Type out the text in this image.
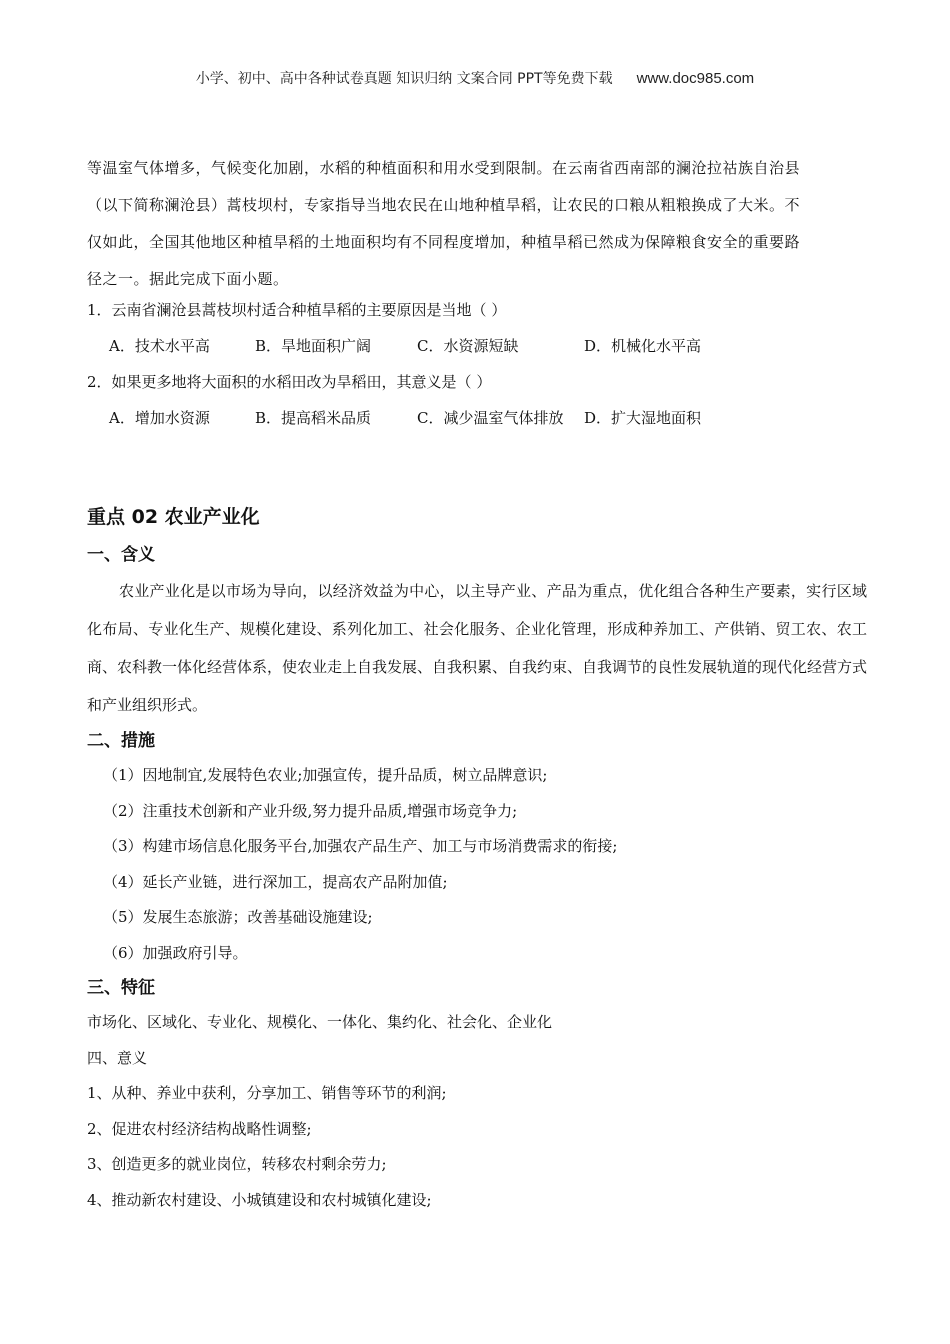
小学、初中、高中各种试卷真题 知识归纳 文案合同 PPT等免费下载 www.doc985.com

等温室气体增多，气候变化加剧，水稻的种植面积和用水受到限制。在云南省西南部的澜沧拉祜族自治县

（以下简称澜沧县）蒿枝坝村，专家指导当地农民在山地种植旱稻，让农民的口粮从粗粮换成了大米。不

仅如此，全国其他地区种植旱稻的土地面积均有不同程度增加，种植旱稻已然成为保障粮食安全的重要路

径之一。据此完成下面小题。

1．云南省澜沧县蒿枝坝村适合种植旱稻的主要原因是当地（ ）

A．技术水平高	B．旱地面积广阔	C．水资源短缺	D．机械化水平高

2．如果更多地将大面积的水稻田改为旱稻田，其意义是（ ）

A．增加水资源	B．提高稻米品质	C．减少温室气体排放	D．扩大湿地面积
重点 02 农业产业化
一、含义

农业产业化是以市场为导向，以经济效益为中心，以主导产业、产品为重点，优化组合各种生产要素，实行区域化布局、专业化生产、规模化建设、系列化加工、社会化服务、企业化管理，形成种养加工、产供销、贸工农、农工商、农科教一体化经营体系，使农业走上自我发展、自我积累、自我约束、自我调节的良性发展轨道的现代化经营方式和产业组织形式。

二、措施

（1）因地制宜,发展特色农业;加强宣传，提升品质，树立品牌意识;

（2）注重技术创新和产业升级,努力提升品质,增强市场竞争力;

（3）构建市场信息化服务平台,加强农产品生产、加工与市场消费需求的衔接;

（4）延长产业链，进行深加工，提高农产品附加值;

（5）发展生态旅游；改善基础设施建设;

（6）加强政府引导。

三、特征

市场化、区域化、专业化、规模化、一体化、集约化、社会化、企业化

四、意义

1、从种、养业中获利，分享加工、销售等环节的利润;

2、促进农村经济结构战略性调整;

3、创造更多的就业岗位，转移农村剩余劳力;

4、推动新农村建设、小城镇建设和农村城镇化建设;
